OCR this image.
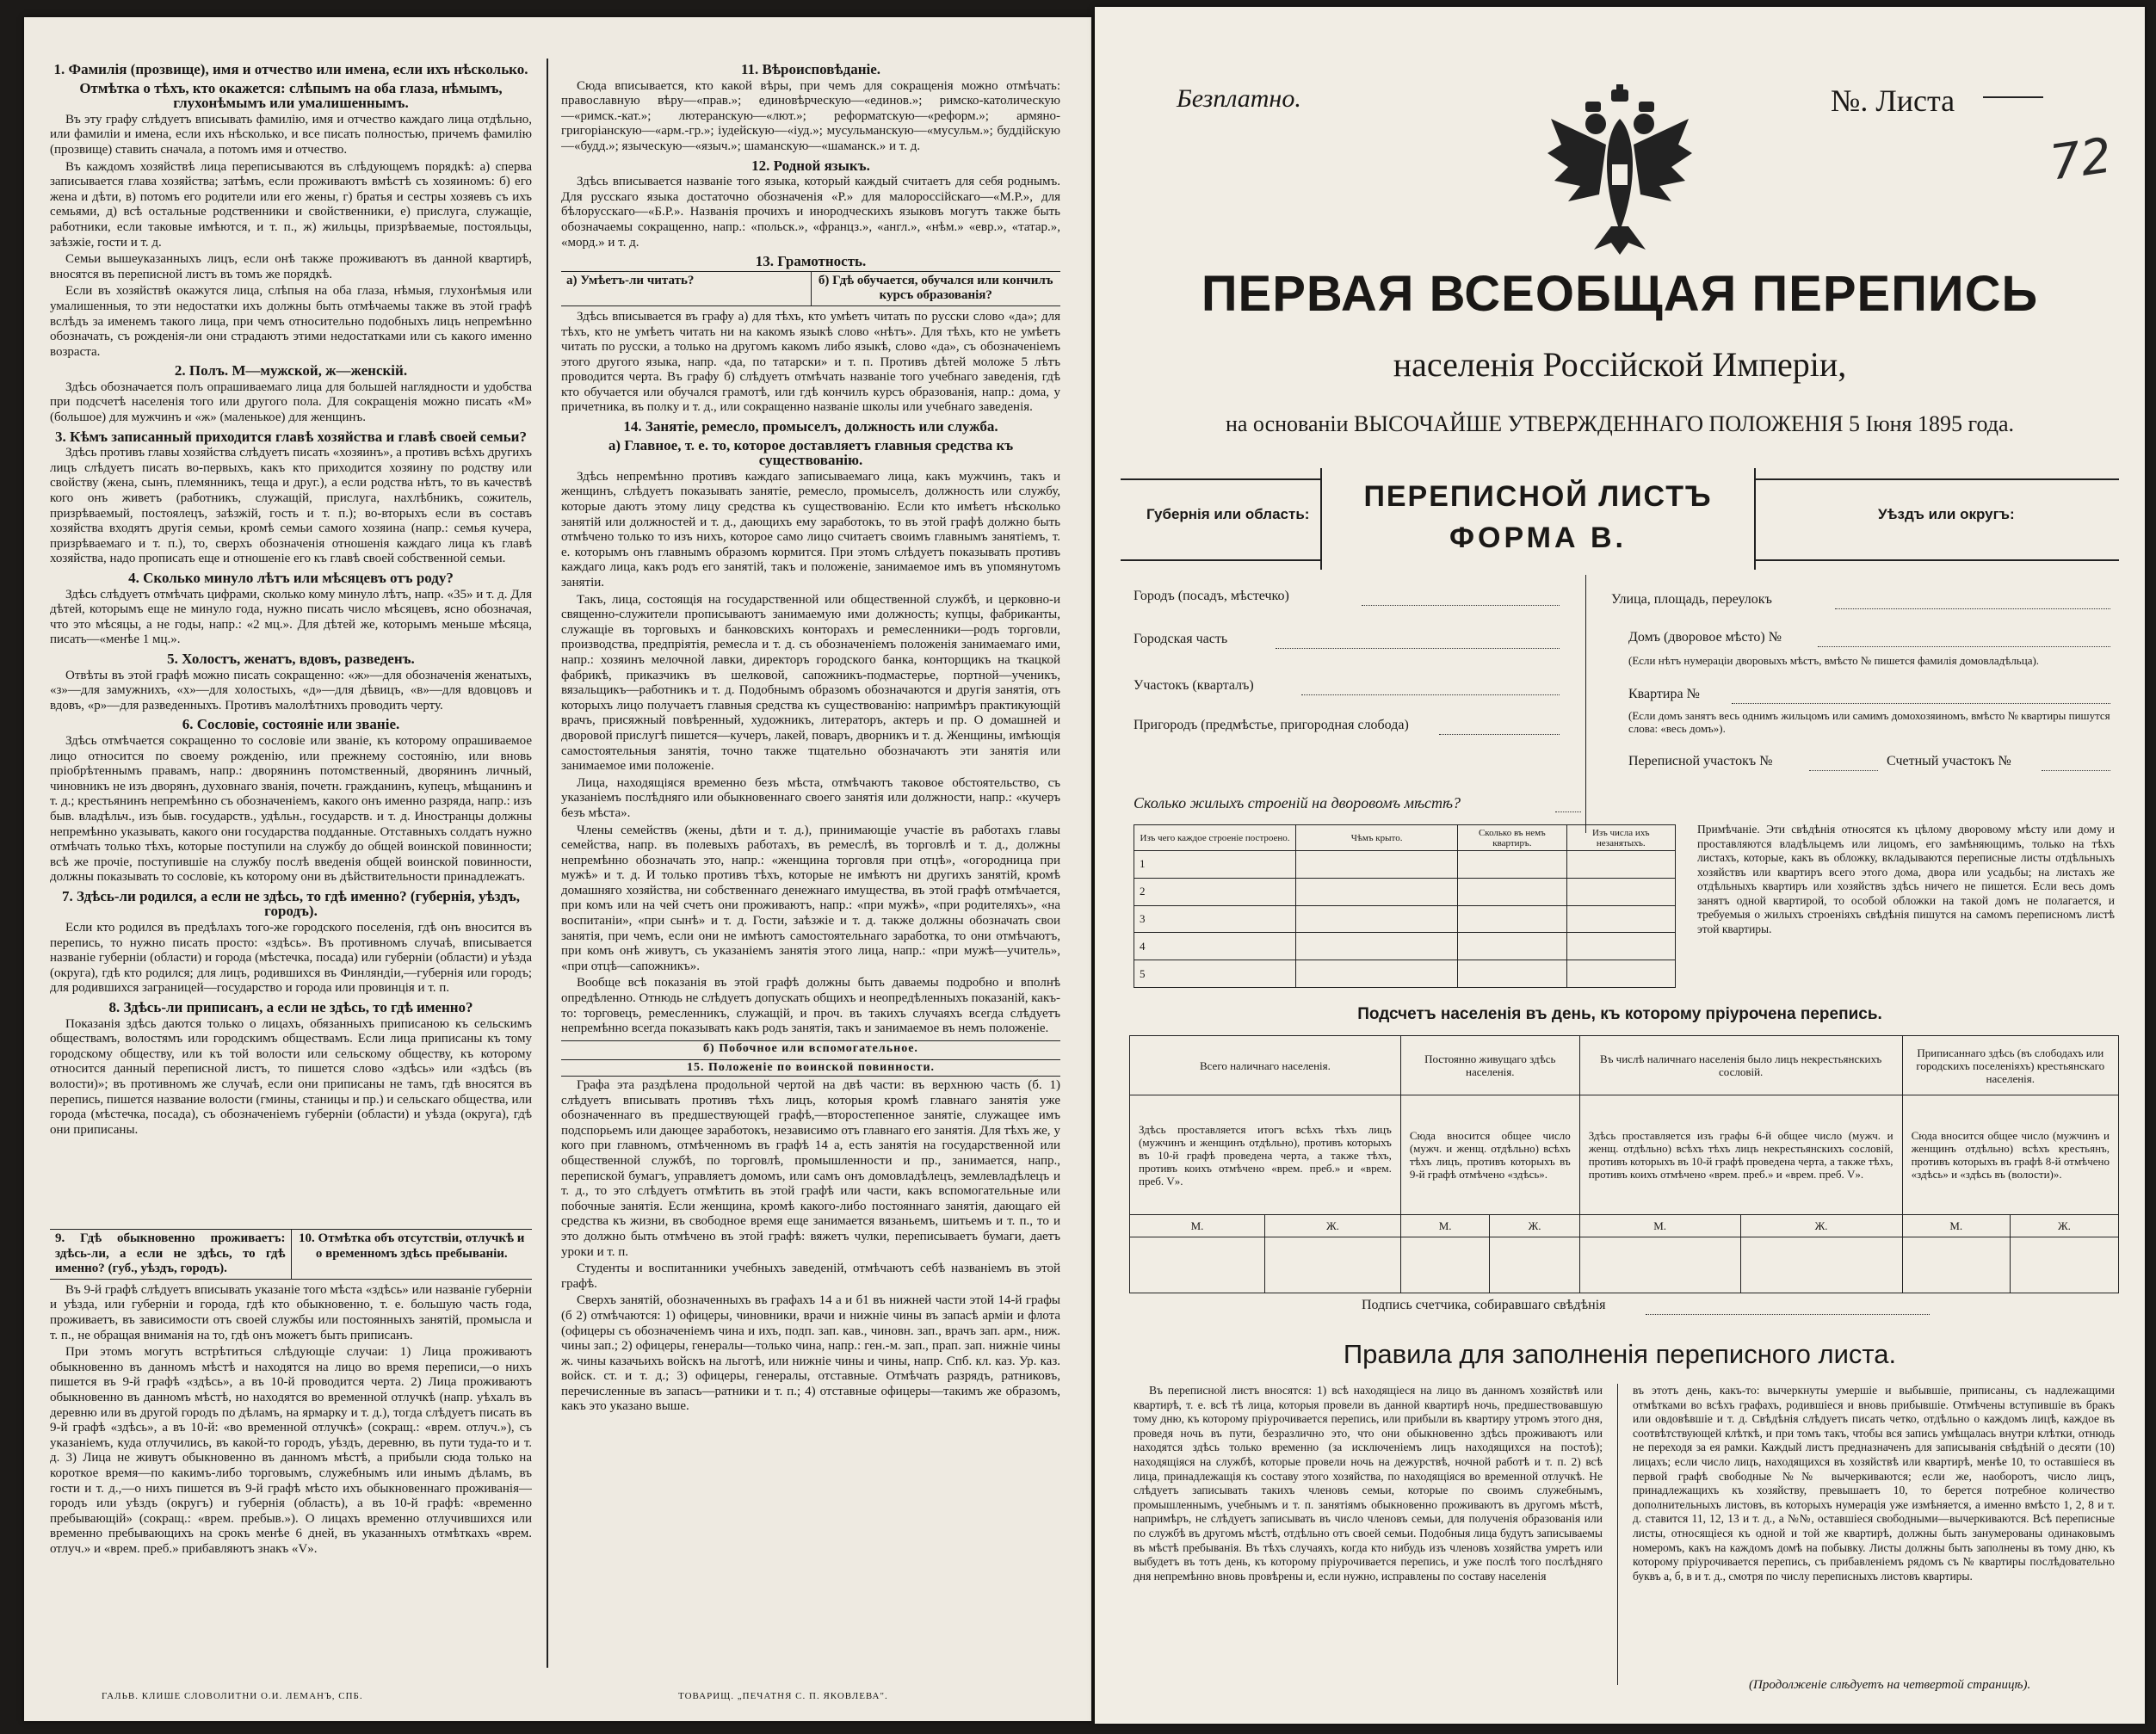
1. Фамилія (прозвище), имя и отчество или имена, если ихъ нѣсколько.
Отмѣтка о тѣхъ, кто окажется: слѣпымъ на оба глаза, нѣмымъ, глухонѣмымъ или умалишеннымъ.

Въ эту графу слѣдуетъ вписывать фамилію, имя и отчество каждаго лица отдѣльно, или фамиліи и имена, если ихъ нѣсколько, и все писать полностью, причемъ фамилію (прозвище) ставить сначала, а потомъ имя и отчество.

Въ каждомъ хозяйствѣ лица переписываются въ слѣдующемъ порядкѣ: а) сперва записывается глава хозяйства; затѣмъ, если проживаютъ вмѣстѣ съ хозяиномъ: б) его жена и дѣти, в) потомъ его родители или его жены, г) братья и сестры хозяевъ съ ихъ семьями, д) всѣ остальные родственники и свойственники, е) прислуга, служащіе, работники, если таковые имѣются, и т. п., ж) жильцы, призрѣваемые, постояльцы, заѣзжіе, гости и т. д.

Семьи вышеуказанныхъ лицъ, если онѣ также проживаютъ въ данной квартирѣ, вносятся въ переписной листъ въ томъ же порядкѣ.

Если въ хозяйствѣ окажутся лица, слѣпыя на оба глаза, нѣмыя, глухонѣмыя или умалишенныя, то эти недостатки ихъ должны быть отмѣчаемы также въ этой графѣ вслѣдъ за именемъ такого лица, при чемъ относительно подобныхъ лицъ непремѣнно обозначать, съ рожденія-ли они страдаютъ этими недостатками или съ какого именно возраста.

2. Полъ. М—мужской, ж—женскій.

Здѣсь обозначается полъ опрашиваемаго лица для большей наглядности и удобства при подсчетѣ населенія того или другого пола. Для сокращенія можно писать «М» (большое) для мужчинъ и «ж» (маленькое) для женщинъ.

3. Кѣмъ записанный приходится главѣ хозяйства и главѣ своей семьи?

Здѣсь противъ главы хозяйства слѣдуетъ писать «хозяинъ», а противъ всѣхъ другихъ лицъ слѣдуетъ писать во-первыхъ, какъ кто приходится хозяину по родству или свойству (жена, сынъ, племянникъ, теща и друг.), а если родства нѣтъ, то въ качествѣ кого онъ живетъ (работникъ, служащій, прислуга, нахлѣбникъ, сожитель, призрѣваемый, постоялецъ, заѣзжій, гость и т. п.); во-вторыхъ если въ составъ хозяйства входятъ другія семьи, кромѣ семьи самого хозяина (напр.: семья кучера, призрѣваемаго и т. п.), то, сверхъ обозначенія отношенія каждаго лица къ главѣ хозяйства, надо прописать еще и отношеніе его къ главѣ своей собственной семьи.

4. Сколько минуло лѣтъ или мѣсяцевъ отъ роду?

Здѣсь слѣдуетъ отмѣчать цифрами, сколько кому минуло лѣтъ, напр. «35» и т. д. Для дѣтей, которымъ еще не минуло года, нужно писать число мѣсяцевъ, ясно обозначая, что это мѣсяцы, а не годы, напр.: «2 мц.». Для дѣтей же, которымъ меньше мѣсяца, писать—«менѣе 1 мц.».

5. Холостъ, женатъ, вдовъ, разведенъ.

Отвѣты въ этой графѣ можно писать сокращенно: «ж»—для обозначенія женатыхъ, «з»—для замужнихъ, «х»—для холостыхъ, «д»—для дѣвицъ, «в»—для вдовцовъ и вдовъ, «р»—для разведенныхъ. Противъ малолѣтнихъ проводить черту.

6. Сословіе, состояніе или званіе.

Здѣсь отмѣчается сокращенно то сословіе или званіе, къ которому опрашиваемое лицо относится по своему рожденію, или прежнему состоянію, или вновь пріобрѣтеннымъ правамъ, напр.: дворянинъ потомственный, дворянинъ личный, чиновникъ не изъ дворянъ, духовнаго званія, почетн. гражданинъ, купецъ, мѣщанинъ и т. д.; крестьянинъ непремѣнно съ обозначеніемъ, какого онъ именно разряда, напр.: изъ быв. владѣльч., изъ быв. государств., удѣльн., государств. и т. д. Иностранцы должны непремѣнно указывать, какого они государства подданные. Отставныхъ солдатъ нужно отмѣчать только тѣхъ, которые поступили на службу до общей воинской повинности; всѣ же прочіе, поступившіе на службу послѣ введенія общей воинской повинности, должны показывать то сословіе, къ которому они въ дѣйствительности принадлежатъ.

7. Здѣсь-ли родился, а если не здѣсь, то гдѣ именно? (губернія, уѣздъ, городъ).

Если кто родился въ предѣлахъ того-же городского поселенія, гдѣ онъ вносится въ перепись, то нужно писать просто: «здѣсь». Въ противномъ случаѣ, вписывается названіе губерніи (области) и города (мѣстечка, посада) или губерніи (области) и уѣзда (округа), гдѣ кто родился; для лицъ, родившихся въ Финляндіи,—губернія или городъ; для родившихся заграницей—государство и города или провинція и т. п.

8. Здѣсь-ли приписанъ, а если не здѣсь, то гдѣ именно?

Показанія здѣсь даются только о лицахъ, обязанныхъ приписаною къ сельскимъ обществамъ, волостямъ или городскимъ обществамъ. Если лица приписаны къ тому городскому обществу, или къ той волости или сельскому обществу, къ которому относится данный переписной листъ, то пишется слово «здѣсь» или «здѣсь (въ волости)»; въ противномъ же случаѣ, если они приписаны не тамъ, гдѣ вносятся въ перепись, пишется название волости (гмины, станицы и пр.) и сельскаго общества, или города (мѣстечка, посада), съ обозначеніемъ губерніи (области) и уѣзда (округа), гдѣ они приписаны.

9. Гдѣ обыкновенно проживаетъ: здѣсь-ли, а если не здѣсь, то гдѣ именно? (губ., уѣздъ, городъ).
10. Отмѣтка объ отсутствіи, отлучкѣ и о временномъ здѣсь пребываніи.

Въ 9-й графѣ слѣдуетъ вписывать указаніе того мѣста «здѣсь» или названіе губерніи и уѣзда, или губерніи и города, гдѣ кто обыкновенно, т. е. большую часть года, проживаетъ, въ зависимости отъ своей службы или постоянныхъ занятій, промысла и т. п., не обращая вниманія на то, гдѣ онъ можетъ быть приписанъ.

При этомъ могутъ встрѣтиться слѣдующіе случаи: 1) Лица проживаютъ обыкновенно въ данномъ мѣстѣ и находятся на лицо во время переписи,—о нихъ пишется въ 9-й графѣ «здѣсь», а въ 10-й проводится черта. 2) Лица проживаютъ обыкновенно въ данномъ мѣстѣ, но находятся во временной отлучкѣ (напр. уѣхалъ въ деревню или въ другой городъ по дѣламъ, на ярмарку и т. д.), тогда слѣдуетъ писать въ 9-й графѣ «здѣсь», а въ 10-й: «во временной отлучкѣ» (сокращ.: «врем. отлуч.»), съ указаніемъ, куда отлучились, въ какой-то городъ, уѣздъ, деревню, въ пути туда-то и т. д. 3) Лица не живутъ обыкновенно въ данномъ мѣстѣ, а прибыли сюда только на короткое время—по какимъ-либо торговымъ, служебнымъ или инымъ дѣламъ, въ гости и т. д.,—о нихъ пишется въ 9-й графѣ мѣсто ихъ обыкновеннаго проживанія—городъ или уѣздъ (округъ) и губернія (область), а въ 10-й графѣ: «временно пребывающій» (сокращ.: «врем. пребыв.»). О лицахъ временно отлучившихся или временно пребывающихъ на срокъ менѣе 6 дней, въ указанныхъ отмѣткахъ «врем. отлуч.» и «врем. преб.» прибавляютъ знакъ «V».

11. Вѣроисповѣданіе.

Сюда вписывается, кто какой вѣры, при чемъ для сокращенія можно отмѣчать: православную вѣру—«прав.»; единовѣрческую—«единов.»; римско-католическую—«римск.-кат.»; лютеранскую—«лют.»; реформатскую—«реформ.»; армяно-григоріанскую—«арм.-гр.»; іудейскую—«іуд.»; мусульманскую—«мусульм.»; буддійскую—«будд.»; языческую—«языч.»; шаманскую—«шаманск.» и т. д.

12. Родной языкъ.

Здѣсь вписывается названіе того языка, который каждый считаетъ для себя роднымъ. Для русскаго языка достаточно обозначенія «Р.» для малороссійскаго—«М.Р.», для бѣлорусскаго—«Б.Р.». Названія прочихъ и инородческихъ языковъ могутъ также быть обозначаемы сокращенно, напр.: «польск.», «францз.», «англ.», «нѣм.» «евр.», «татар.», «морд.» и т. д.

13. Грамотность.
а) Умѣетъ-ли читать?	б) Гдѣ обучается, обучался или кончилъ курсъ образованія?

Здѣсь вписывается въ графу а) для тѣхъ, кто умѣетъ читать по русски слово «да»; для тѣхъ, кто не умѣетъ читать ни на какомъ языкѣ слово «нѣтъ». Для тѣхъ, кто не умѣетъ читать по русски, а только на другомъ какомъ либо языкѣ, слово «да», съ обозначеніемъ этого другого языка, напр. «да, по татарски» и т. п. Противъ дѣтей моложе 5 лѣтъ проводится черта. Въ графу б) слѣдуетъ отмѣчать названіе того учебнаго заведенія, гдѣ кто обучается или обучался грамотѣ, или гдѣ кончилъ курсъ образованія, напр.: дома, у причетника, въ полку и т. д., или сокращенно названіе школы или учебнаго заведенія.

14. Занятіе, ремесло, промыселъ, должность или служба.
а) Главное, т. е. то, которое доставляетъ главныя средства къ существованію.

Здѣсь непремѣнно противъ каждаго записываемаго лица, какъ мужчинъ, такъ и женщинъ, слѣдуетъ показывать занятіе, ремесло, промыселъ, должность или службу, которые даютъ этому лицу средства къ существованію. Если кто имѣетъ нѣсколько занятій или должностей и т. д., дающихъ ему заработокъ, то въ этой графѣ должно быть отмѣчено только то изъ нихъ, которое само лицо считаетъ своимъ главнымъ занятіемъ, т. е. которымъ онъ главнымъ образомъ кормится. При этомъ слѣдуетъ показывать противъ каждаго лица, какъ родъ его занятій, такъ и положеніе, занимаемое имъ въ упомянутомъ занятіи.

Такъ, лица, состоящія на государственной или общественной службѣ, и церковно-и священно-служители прописываютъ занимаемую ими должность; купцы, фабриканты, служащіе въ торговыхъ и банковскихъ конторахъ и ремесленники—родъ торговли, производства, предпріятія, ремесла и т. д. съ обозначеніемъ положенія занимаемаго ими, напр.: хозяинъ мелочной лавки, директоръ городского банка, конторщикъ на ткацкой фабрикѣ, приказчикъ въ шелковой, сапожникъ-подмастерье, портной—ученикъ, вязальщикъ—работникъ и т. д. Подобнымъ образомъ обозначаются и другія занятія, отъ которыхъ лицо получаетъ главныя средства къ существованію: напримѣръ практикующій врачъ, присяжный повѣренный, художникъ, литераторъ, актеръ и пр. О домашней и дворовой прислугѣ пишется—кучеръ, лакей, поваръ, дворникъ и т. д. Женщины, имѣющія самостоятельныя занятія, точно также тщательно обозначаютъ эти занятія или занимаемое ими положеніе.

Лица, находящіяся временно безъ мѣста, отмѣчаютъ таковое обстоятельство, съ указаніемъ послѣдняго или обыкновеннаго своего занятія или должности, напр.: «кучеръ безъ мѣста».

Члены семействъ (жены, дѣти и т. д.), принимающіе участіе въ работахъ главы семейства, напр. въ полевыхъ работахъ, въ ремеслѣ, въ торговлѣ и т. д., должны непремѣнно обозначать это, напр.: «женщина торговля при отцѣ», «огородница при мужѣ» и т. д. И только противъ тѣхъ, которые не имѣютъ ни другихъ занятій, кромѣ домашняго хозяйства, ни собственнаго денежнаго имущества, въ этой графѣ отмѣчается, при комъ или на чей счетъ они проживаютъ, напр.: «при мужѣ», «при родителяхъ», «на воспитаніи», «при сынѣ» и т. д. Гости, заѣзжіе и т. д. также должны обозначать свои занятія, при чемъ, если они не имѣютъ самостоятельнаго заработка, то они отмѣчаютъ, при комъ онѣ живутъ, съ указаніемъ занятія этого лица, напр.: «при мужѣ—учитель», «при отцѣ—сапожникъ».

Вообще всѣ показанія въ этой графѣ должны быть даваемы подробно и вполнѣ опредѣленно. Отнюдь не слѣдуетъ допускать общихъ и неопредѣленныхъ показаній, какъ-то: торговецъ, ремесленникъ, служащій, и проч. въ такихъ случаяхъ всегда слѣдуетъ непремѣнно всегда показывать какъ родъ занятія, такъ и занимаемое въ немъ положеніе.

б) Побочное или вспомогательное.
15. Положеніе по воинской повинности.

Графа эта раздѣлена продольной чертой на двѣ части: въ верхнюю часть (б. 1) слѣдуетъ вписывать противъ тѣхъ лицъ, которыя кромѣ главнаго занятія уже обозначеннаго въ предшествующей графѣ,—второстепенное занятіе, служащее имъ подспорьемъ или дающее заработокъ, независимо отъ главнаго его занятія. Для тѣхъ же, у кого при главномъ, отмѣченномъ въ графѣ 14 а, есть занятія на государственной или общественной службѣ, по торговлѣ, промышленности и пр., занимается, напр., перепиской бумагъ, управляетъ домомъ, или самъ онъ домовладѣлецъ, землевладѣлецъ и т. д., то это слѣдуетъ отмѣтить въ этой графѣ или части, какъ вспомогательные или побочные занятія. Если женщина, кромѣ какого-либо постояннаго занятія, дающаго ей средства къ жизни, въ свободное время еще занимается вязаньемъ, шитьемъ и т. п., то и это должно быть отмѣчено въ этой графѣ: вяжетъ чулки, переписываетъ бумаги, даетъ уроки и т. п.

Студенты и воспитанники учебныхъ заведеній, отмѣчаютъ себѣ названіемъ въ этой графѣ.

Сверхъ занятій, обозначенныхъ въ графахъ 14 а и б1 въ нижней части этой 14-й графы (б 2) отмѣчаются: 1) офицеры, чиновники, врачи и нижніе чины въ запасѣ арміи и флота (офицеры съ обозначеніемъ чина и ихъ, подп. зап. кав., чиновн. зап., врачъ зап. арм., ниж. чины зап.; 2) офицеры, генералы—только чина, напр.: ген.-м. зап., прап. зап. нижніе чины ж. чины казачьихъ войскъ на льготѣ, или нижніе чины и чины, напр. Спб. кл. каз. Ур. каз. войск. ст. и т. д.; 3) офицеры, генералы, отставные. Отмѣчать разрядъ, ратниковъ, перечисленные въ запасъ—ратники и т. п.; 4) отставные офицеры—такимъ же образомъ, какъ это указано выше.

ГАЛЬВ. КЛИШЕ СЛОВОЛИТНИ О.И. ЛЕМАНЪ, СПБ.	ТОВАРИЩ. „ПЕЧАТНЯ С. П. ЯКОВЛЕВА".
Безплатно.	№. Листа
72
ПЕРВАЯ ВСЕОБЩАЯ ПЕРЕПИСЬ
населенія Россійской Имперіи,
на основаніи ВЫСОЧАЙШЕ УТВЕРЖДЕННАГО ПОЛОЖЕНІЯ 5 Іюня 1895 года.
Губернія или область:
ПЕРЕПИСНОЙ ЛИСТЪ
ФОРМА В.
Уѣздъ или округъ:
Городъ (посадъ, мѣстечко)
Городская часть
Участокъ (кварталъ)
Пригородъ (предмѣстье, пригородная слобода)
Улица, площадь, переулокъ
Домъ (дворовое мѣсто) №
(Если нѣтъ нумераціи дворовыхъ мѣстъ, вмѣсто № пишется фамилія домовладѣльца).
Квартира №
(Если домъ занятъ весь однимъ жильцомъ или самимъ домохозяиномъ, вмѣсто № квартиры пишутся слова: «весь домъ»).
Переписной участокъ №	Счетный участокъ №
Сколько жилыхъ строеній на дворовомъ мѣстѣ?
Изъ чего каждое строеніе построено.	Чѣмъ крыто.	Сколько въ немъ квартиръ.	Изъ числа ихъ незанятыхъ.
1			
2			
3			
4			
5			
Примѣчаніе. Эти свѣдѣнія относятся къ цѣлому дворовому мѣсту или дому и проставляются владѣльцемъ или лицомъ, его замѣняющимъ, только на тѣхъ листахъ, которые, какъ въ обложку, вкладываются переписные листы отдѣльныхъ хозяйствъ или квартиръ всего этого дома, двора или усадьбы; на листахъ же отдѣльныхъ квартиръ или хозяйствъ здѣсь ничего не пишется. Если весь домъ занятъ одной квартирой, то особой обложки на такой домъ не полагается, и требуемыя о жилыхъ строеніяхъ свѣдѣнія пишутся на самомъ переписномъ листѣ этой квартиры.
Подсчетъ населенія въ день, къ которому пріурочена перепись.
Всего наличнаго населенія.		Постоянно живущаго здѣсь населенія.		Въ числѣ наличнаго населенія было лицъ некрестьянскихъ сословій.		Приписаннаго здѣсь (въ слободахъ или городскихъ поселеніяхъ) крестьянскаго населенія.	
Здѣсь проставляется итогъ всѣхъ тѣхъ лицъ (мужчинъ и женщинъ отдѣльно), противъ которыхъ въ 10-й графѣ проведена черта, а также тѣхъ, противъ коихъ отмѣчено «врем. преб.» и «врем. преб. V».		Сюда вносится общее число (мужч. и женщ. отдѣльно) всѣхъ тѣхъ лицъ, противъ которыхъ въ 9-й графѣ отмѣчено «здѣсь».		Здѣсь проставляется изъ графы 6-й общее число (мужч. и женщ. отдѣльно) всѣхъ тѣхъ лицъ некрестьянскихъ сословій, противъ которыхъ въ 10-й графѣ проведена черта, а также тѣхъ, противъ коихъ отмѣчено «врем. преб.» и «врем. преб. V».		Сюда вносится общее число (мужчинъ и женщинъ отдѣльно) всѣхъ крестьянъ, противъ которыхъ въ графѣ 8-й отмѣчено «здѣсь» и «здѣсь въ (волости)».	
М.	Ж.	М.	Ж.	М.	Ж.	М.	Ж.

Подпись счетчика, собиравшаго свѣдѣнія
Правила для заполненія переписного листа.
Въ переписной листъ вносятся: 1) всѣ находящіеся на лицо въ данномъ хозяйствѣ или квартирѣ, т. е. всѣ тѣ лица, которыя провели въ данной квартирѣ ночь, предшествовавшую тому дню, къ которому пріурочивается перепись, или прибыли въ квартиру утромъ этого дня, проведя ночь въ пути, безразлично это, что они обыкновенно здѣсь проживаютъ или находятся здѣсь только временно (за исключеніемъ лицъ находящихся на постоѣ); находящіяся на службѣ, которые провели ночь на дежурствѣ, ночной работѣ и т. п. 2) всѣ лица, принадлежащія къ составу этого хозяйства, по находящіяся во временной отлучкѣ. Не слѣдуетъ записывать такихъ членовъ семьи, которые по своимъ служебнымъ, промышленнымъ, учебнымъ и т. п. занятіямъ обыкновенно проживаютъ въ другомъ мѣстѣ, напримѣръ, не слѣдуетъ записывать въ число членовъ семьи, для полученія образованія или по службѣ въ другомъ мѣстѣ, отдѣльно отъ своей семьи. Подобныя лица будутъ записываемы въ мѣстѣ пребыванія. Въ тѣхъ случаяхъ, когда кто нибудь изъ членовъ хозяйства умретъ или выбудетъ въ тотъ день, къ которому пріурочивается перепись, и уже послѣ того послѣдняго дня непремѣнно вновь провѣрены и, если нужно, исправлены по составу населенія
въ этотъ день, какъ-то: вычеркнуты умершіе и выбывшіе, приписаны, съ надлежащими отмѣтками во всѣхъ графахъ, родившіеся и вновь прибывшіе. Отмѣчены вступившіе въ бракъ или овдовѣвшіе и т. д. Свѣдѣнія слѣдуетъ писать четко, отдѣльно о каждомъ лицѣ, каждое въ соотвѣтствующей клѣткѣ, и при томъ такъ, чтобы вся запись умѣщалась внутри клѣтки, отнюдь не переходя за ея рамки. Каждый листъ предназначенъ для записыванія свѣдѣній о десяти (10) лицахъ; если число лицъ, находящихся въ хозяйствѣ или квартирѣ, менѣе 10, то оставшіеся въ первой графѣ свободные №№ вычеркиваются; если же, наоборотъ, число лицъ, принадлежащихъ къ хозяйству, превышаетъ 10, то берется потребное количество дополнительныхъ листовъ, въ которыхъ нумерація уже измѣняется, а именно вмѣсто 1, 2, 8 и т. д. ставится 11, 12, 13 и т. д., а №№, оставшіеся свободными—вычеркиваются. Всѣ переписные листы, относящіеся къ одной и той же квартирѣ, должны быть занумерованы одинаковымъ номеромъ, какъ на каждомъ домѣ на побывку. Листы должны быть заполнены въ тому дню, къ которому пріурочивается перепись, съ прибавленіемъ рядомъ съ № квартиры послѣдовательно буквъ а, б, в и т. д., смотря по числу переписныхъ листовъ квартиры.
(Продолженіе слѣдуетъ на четвертой страницѣ).
